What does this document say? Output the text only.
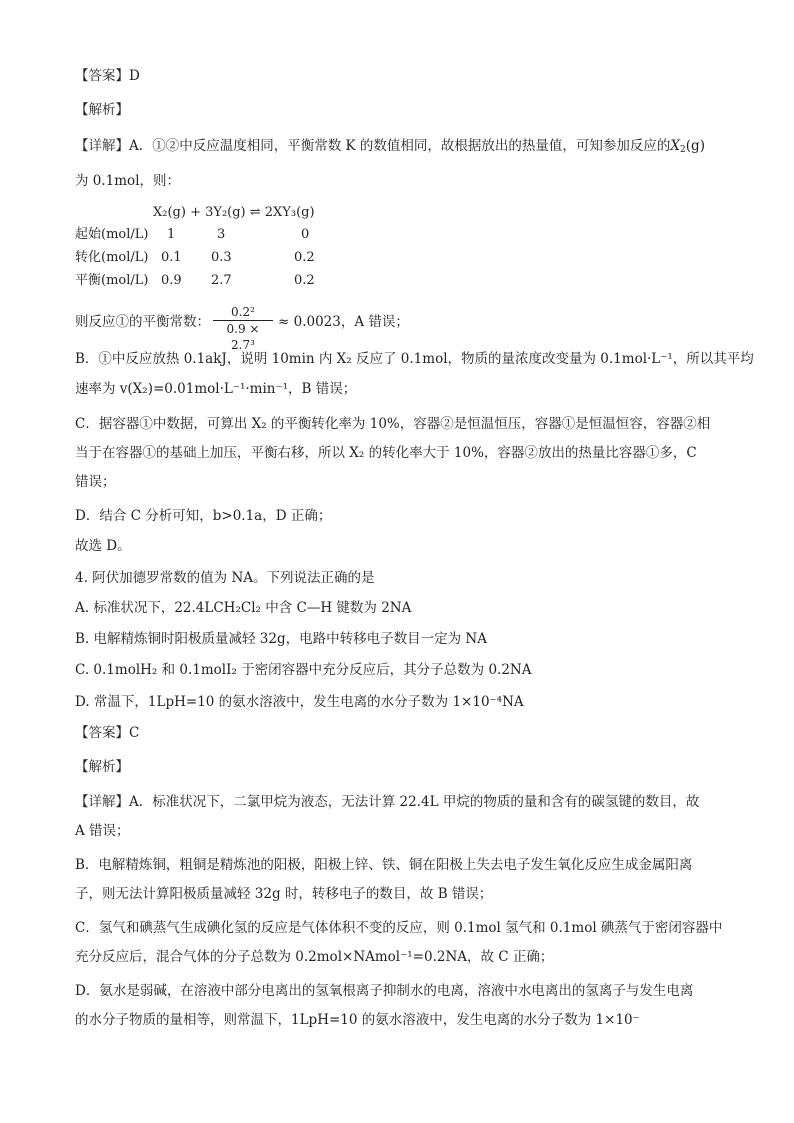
【答案】D
【解析】
【详解】A．①②中反应温度相同，平衡常数 K 的数值相同，故根据放出的热量值，可知参加反应的$X_2(g)$
为 0.1mol，则：
X₂(g) + 3Y₂(g) ⇌ 2XY₃(g)
起始(mol/L) 1	3	0
转化(mol/L) 0.1 0.3	0.2
平衡(mol/L) 0.9 2.7	0.2
则反应①的平衡常数： $\frac{\text{0.2²}}{\text{0.9 × 2.7³}} \approx 0.0023$，A 错误；
B．①中反应放热 0.1akJ，说明 10min 内 X₂ 反应了 0.1mol，物质的量浓度改变量为 0.1mol·L⁻¹，所以其平均
速率为 v(X₂)=0.01mol·L⁻¹·min⁻¹，B 错误；
C．据容器①中数据，可算出 X₂ 的平衡转化率为 10%，容器②是恒温恒压，容器①是恒温恒容，容器②相
当于在容器①的基础上加压，平衡右移，所以 X₂ 的转化率大于 10%，容器②放出的热量比容器①多，C
错误；
D．结合 C 分析可知，b>0.1a，D 正确；
故选 D。
4. 阿伏加德罗常数的值为 NA。下列说法正确的是
A. 标准状况下，22.4LCH₂Cl₂ 中含 C—H 键数为 2NA
B. 电解精炼铜时阳极质量减轻 32g，电路中转移电子数目一定为 NA
C. 0.1molH₂ 和 0.1molI₂ 于密闭容器中充分反应后，其分子总数为 0.2NA
D. 常温下，1LpH=10 的氨水溶液中，发生电离的水分子数为 1×10⁻⁴NA
【答案】C
【解析】
【详解】A．标准状况下，二氯甲烷为液态，无法计算 22.4L 甲烷的物质的量和含有的碳氢键的数目，故
A 错误；
B．电解精炼铜，粗铜是精炼池的阳极，阳极上锌、铁、铜在阳极上失去电子发生氧化反应生成金属阳离
子，则无法计算阳极质量减轻 32g 时，转移电子的数目，故 B 错误；
C．氢气和碘蒸气生成碘化氢的反应是气体体积不变的反应，则 0.1mol 氢气和 0.1mol 碘蒸气于密闭容器中
充分反应后，混合气体的分子总数为 0.2mol×NAmol⁻¹=0.2NA，故 C 正确；
D．氨水是弱碱，在溶液中部分电离出的氢氧根离子抑制水的电离，溶液中水电离出的氢离子与发生电离
的水分子物质的量相等，则常温下，1LpH=10 的氨水溶液中，发生电离的水分子数为 1×10⁻
